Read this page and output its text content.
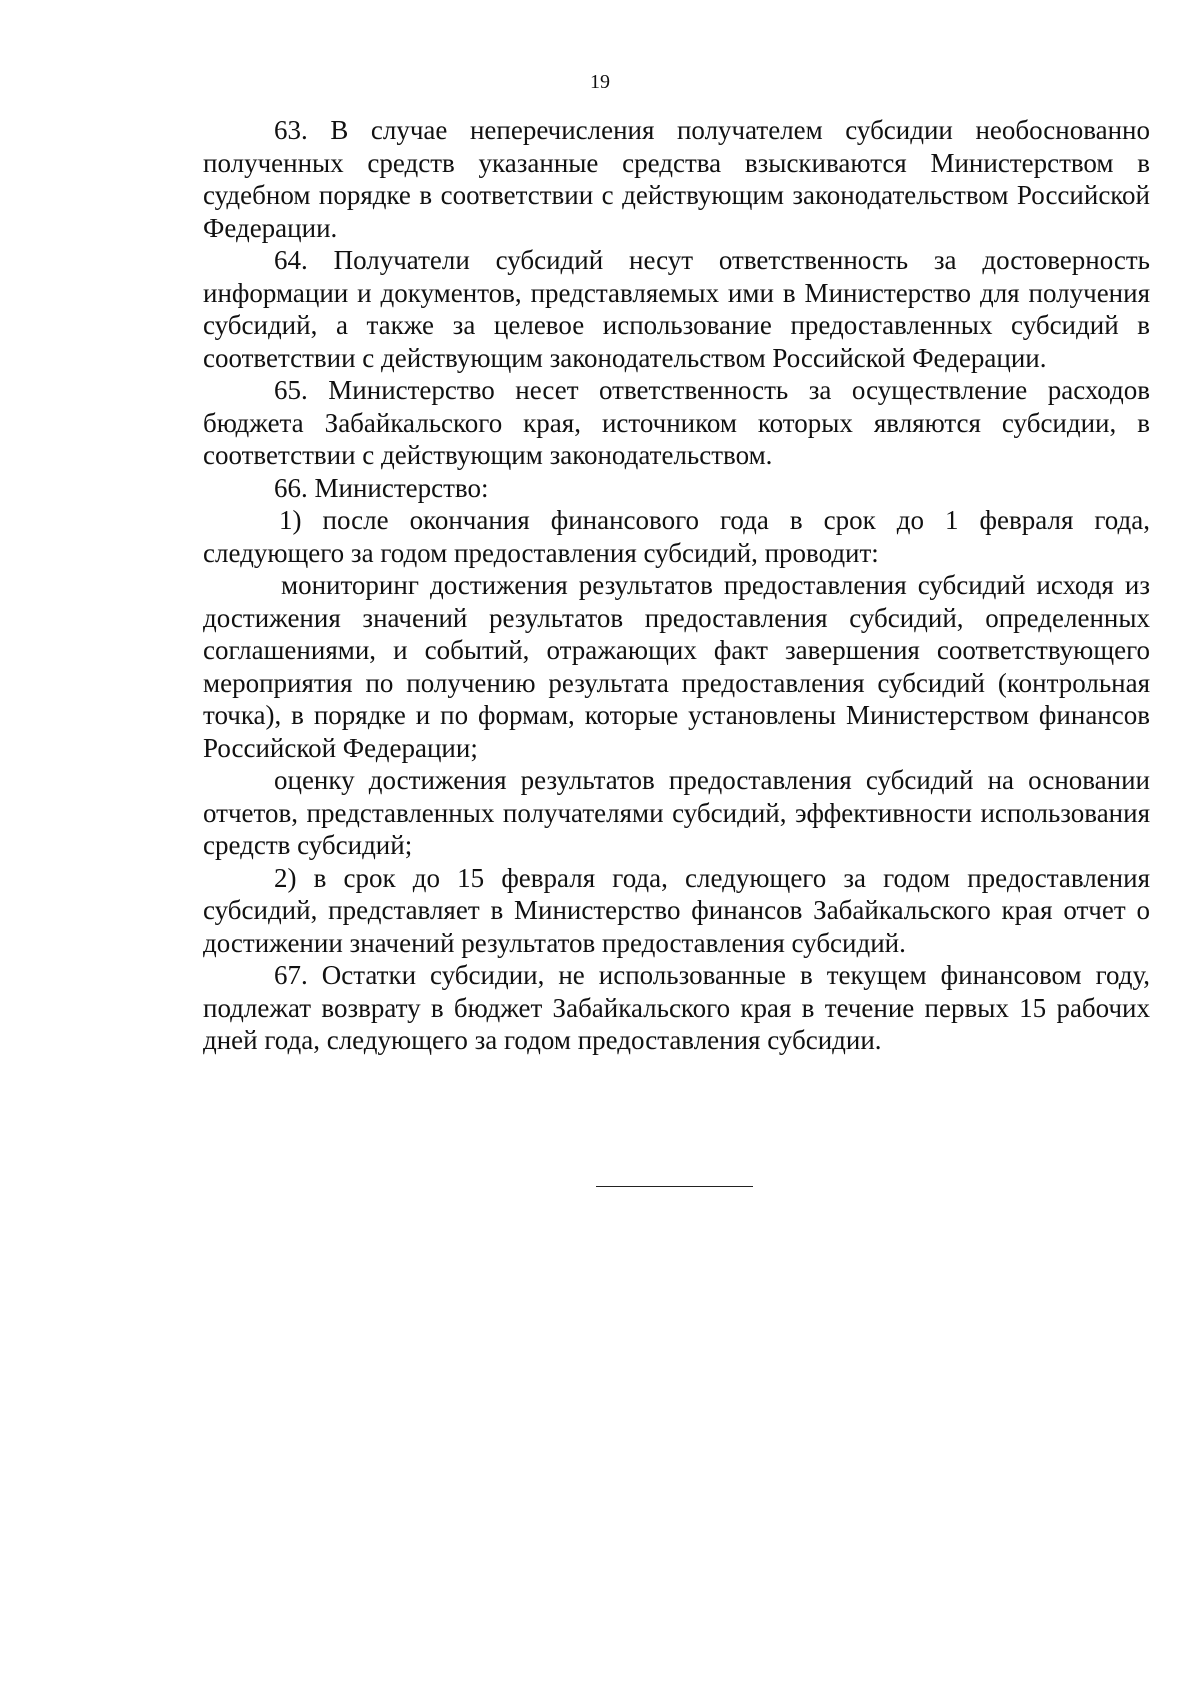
19

63. В случае неперечисления получателем субсидии необоснованно полученных средств указанные средства взыскиваются Министерством в судебном порядке в соответствии с действующим законодательством Российской Федерации.

64. Получатели субсидий несут ответственность за достоверность информации и документов, представляемых ими в Министерство для получения субсидий, а также за целевое использование предоставленных субсидий в соответствии с действующим законодательством Российской Федерации.

65. Министерство несет ответственность за осуществление расходов бюджета Забайкальского края, источником которых являются субсидии, в соответствии с действующим законодательством.

66. Министерство:

1) после окончания финансового года в срок до 1 февраля года, следующего за годом предоставления субсидий, проводит:

мониторинг достижения результатов предоставления субсидий исходя из достижения значений результатов предоставления субсидий, определенных соглашениями, и событий, отражающих факт завершения соответствующего мероприятия по получению результата предоставления субсидий (контрольная точка), в порядке и по формам, которые установлены Министерством финансов Российской Федерации;

оценку достижения результатов предоставления субсидий на основании отчетов, представленных получателями субсидий, эффективности использования средств субсидий;

2) в срок до 15 февраля года, следующего за годом предоставления субсидий, представляет в Министерство финансов Забайкальского края отчет о достижении значений результатов предоставления субсидий.

67. Остатки субсидии, не использованные в текущем финансовом году, подлежат возврату в бюджет Забайкальского края в течение первых 15 рабочих дней года, следующего за годом предоставления субсидии.
